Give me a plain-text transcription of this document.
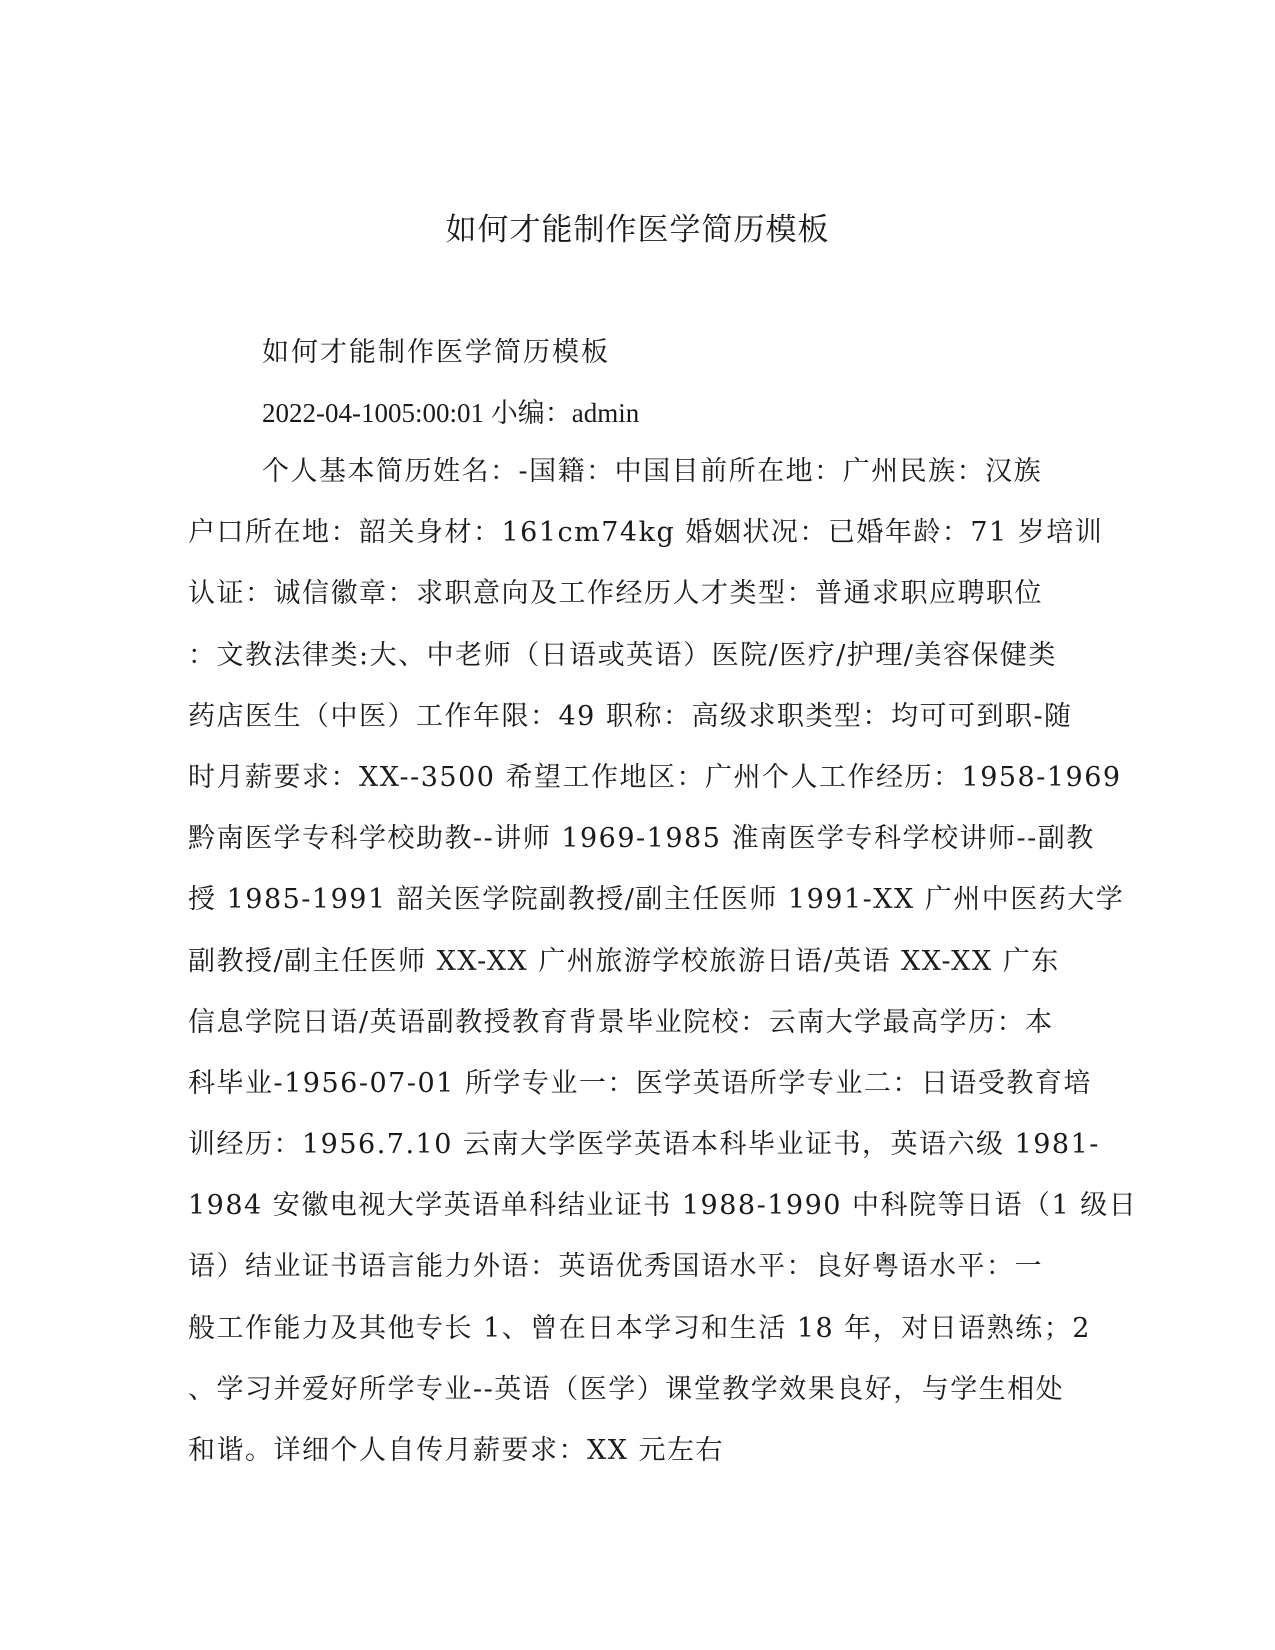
如何才能制作医学简历模板

如何才能制作医学简历模板

2022-04-1005:00:01 小编：admin

个人基本简历姓名：-国籍：中国目前所在地：广州民族：汉族
户口所在地：韶关身材：161cm74kg 婚姻状况：已婚年龄：71 岁培训
认证：诚信徽章：求职意向及工作经历人才类型：普通求职应聘职位
：文教法律类:大、中老师（日语或英语）医院/医疗/护理/美容保健类
药店医生（中医）工作年限：49 职称：高级求职类型：均可可到职-随
时月薪要求：XX--3500 希望工作地区：广州个人工作经历：1958-1969
黔南医学专科学校助教--讲师 1969-1985 淮南医学专科学校讲师--副教
授 1985-1991 韶关医学院副教授/副主任医师 1991-XX 广州中医药大学
副教授/副主任医师 XX-XX 广州旅游学校旅游日语/英语 XX-XX 广东
信息学院日语/英语副教授教育背景毕业院校：云南大学最高学历：本
科毕业-1956-07-01 所学专业一：医学英语所学专业二：日语受教育培
训经历：1956.7.10 云南大学医学英语本科毕业证书，英语六级 1981-
1984 安徽电视大学英语单科结业证书 1988-1990 中科院等日语（1 级日
语）结业证书语言能力外语：英语优秀国语水平：良好粤语水平：一
般工作能力及其他专长 1、曾在日本学习和生活 18 年，对日语熟练；2
、学习并爱好所学专业--英语（医学）课堂教学效果良好，与学生相处
和谐。详细个人自传月薪要求：XX 元左右
